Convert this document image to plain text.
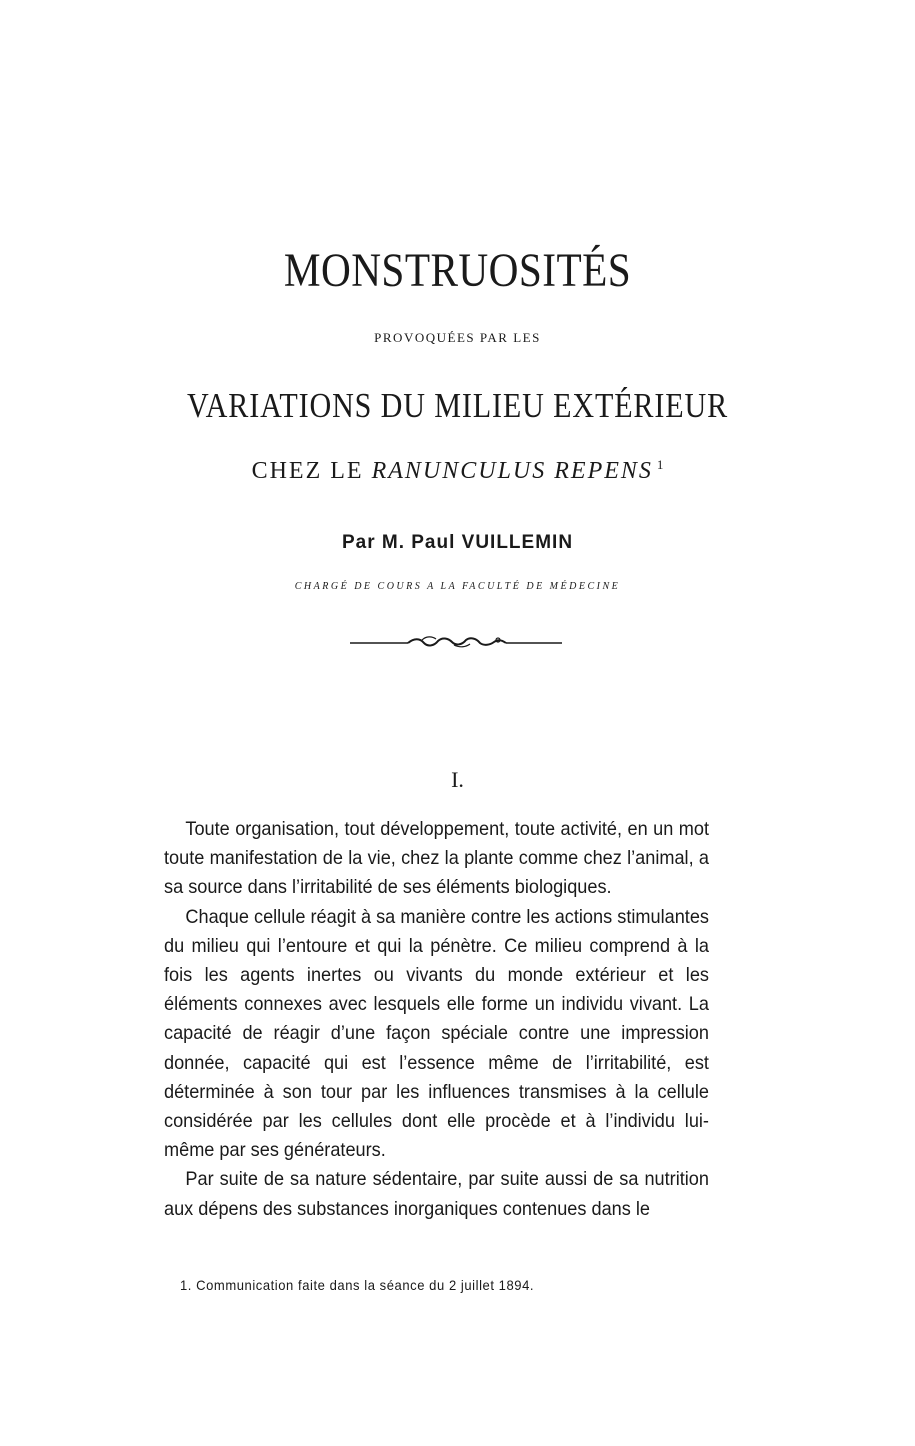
MONSTRUOSITÉS
PROVOQUÉES PAR LES
VARIATIONS DU MILIEU EXTÉRIEUR
CHEZ LE RANUNCULUS REPENS $^1$
Par M. Paul VUILLEMIN
CHARGÉ DE COURS A LA FACULTÉ DE MÉDECINE
I.

Toute organisation, tout développement, toute activité, en un mot toute manifestation de la vie, chez la plante comme chez l’animal, a sa source dans l’irritabilité de ses éléments biologiques.

Chaque cellule réagit à sa manière contre les actions stimulantes du milieu qui l’entoure et qui la pénètre. Ce milieu comprend à la fois les agents inertes ou vivants du monde extérieur et les éléments connexes avec lesquels elle forme un individu vivant. La capacité de réagir d’une façon spéciale contre une impression donnée, capacité qui est l’essence même de l’irritabilité, est déterminée à son tour par les influences transmises à la cellule considérée par les cellules dont elle procède et à l’individu lui-même par ses générateurs.

Par suite de sa nature sédentaire, par suite aussi de sa nutrition aux dépens des substances inorganiques contenues dans le

1. Communication faite dans la séance du 2 juillet 1894.
